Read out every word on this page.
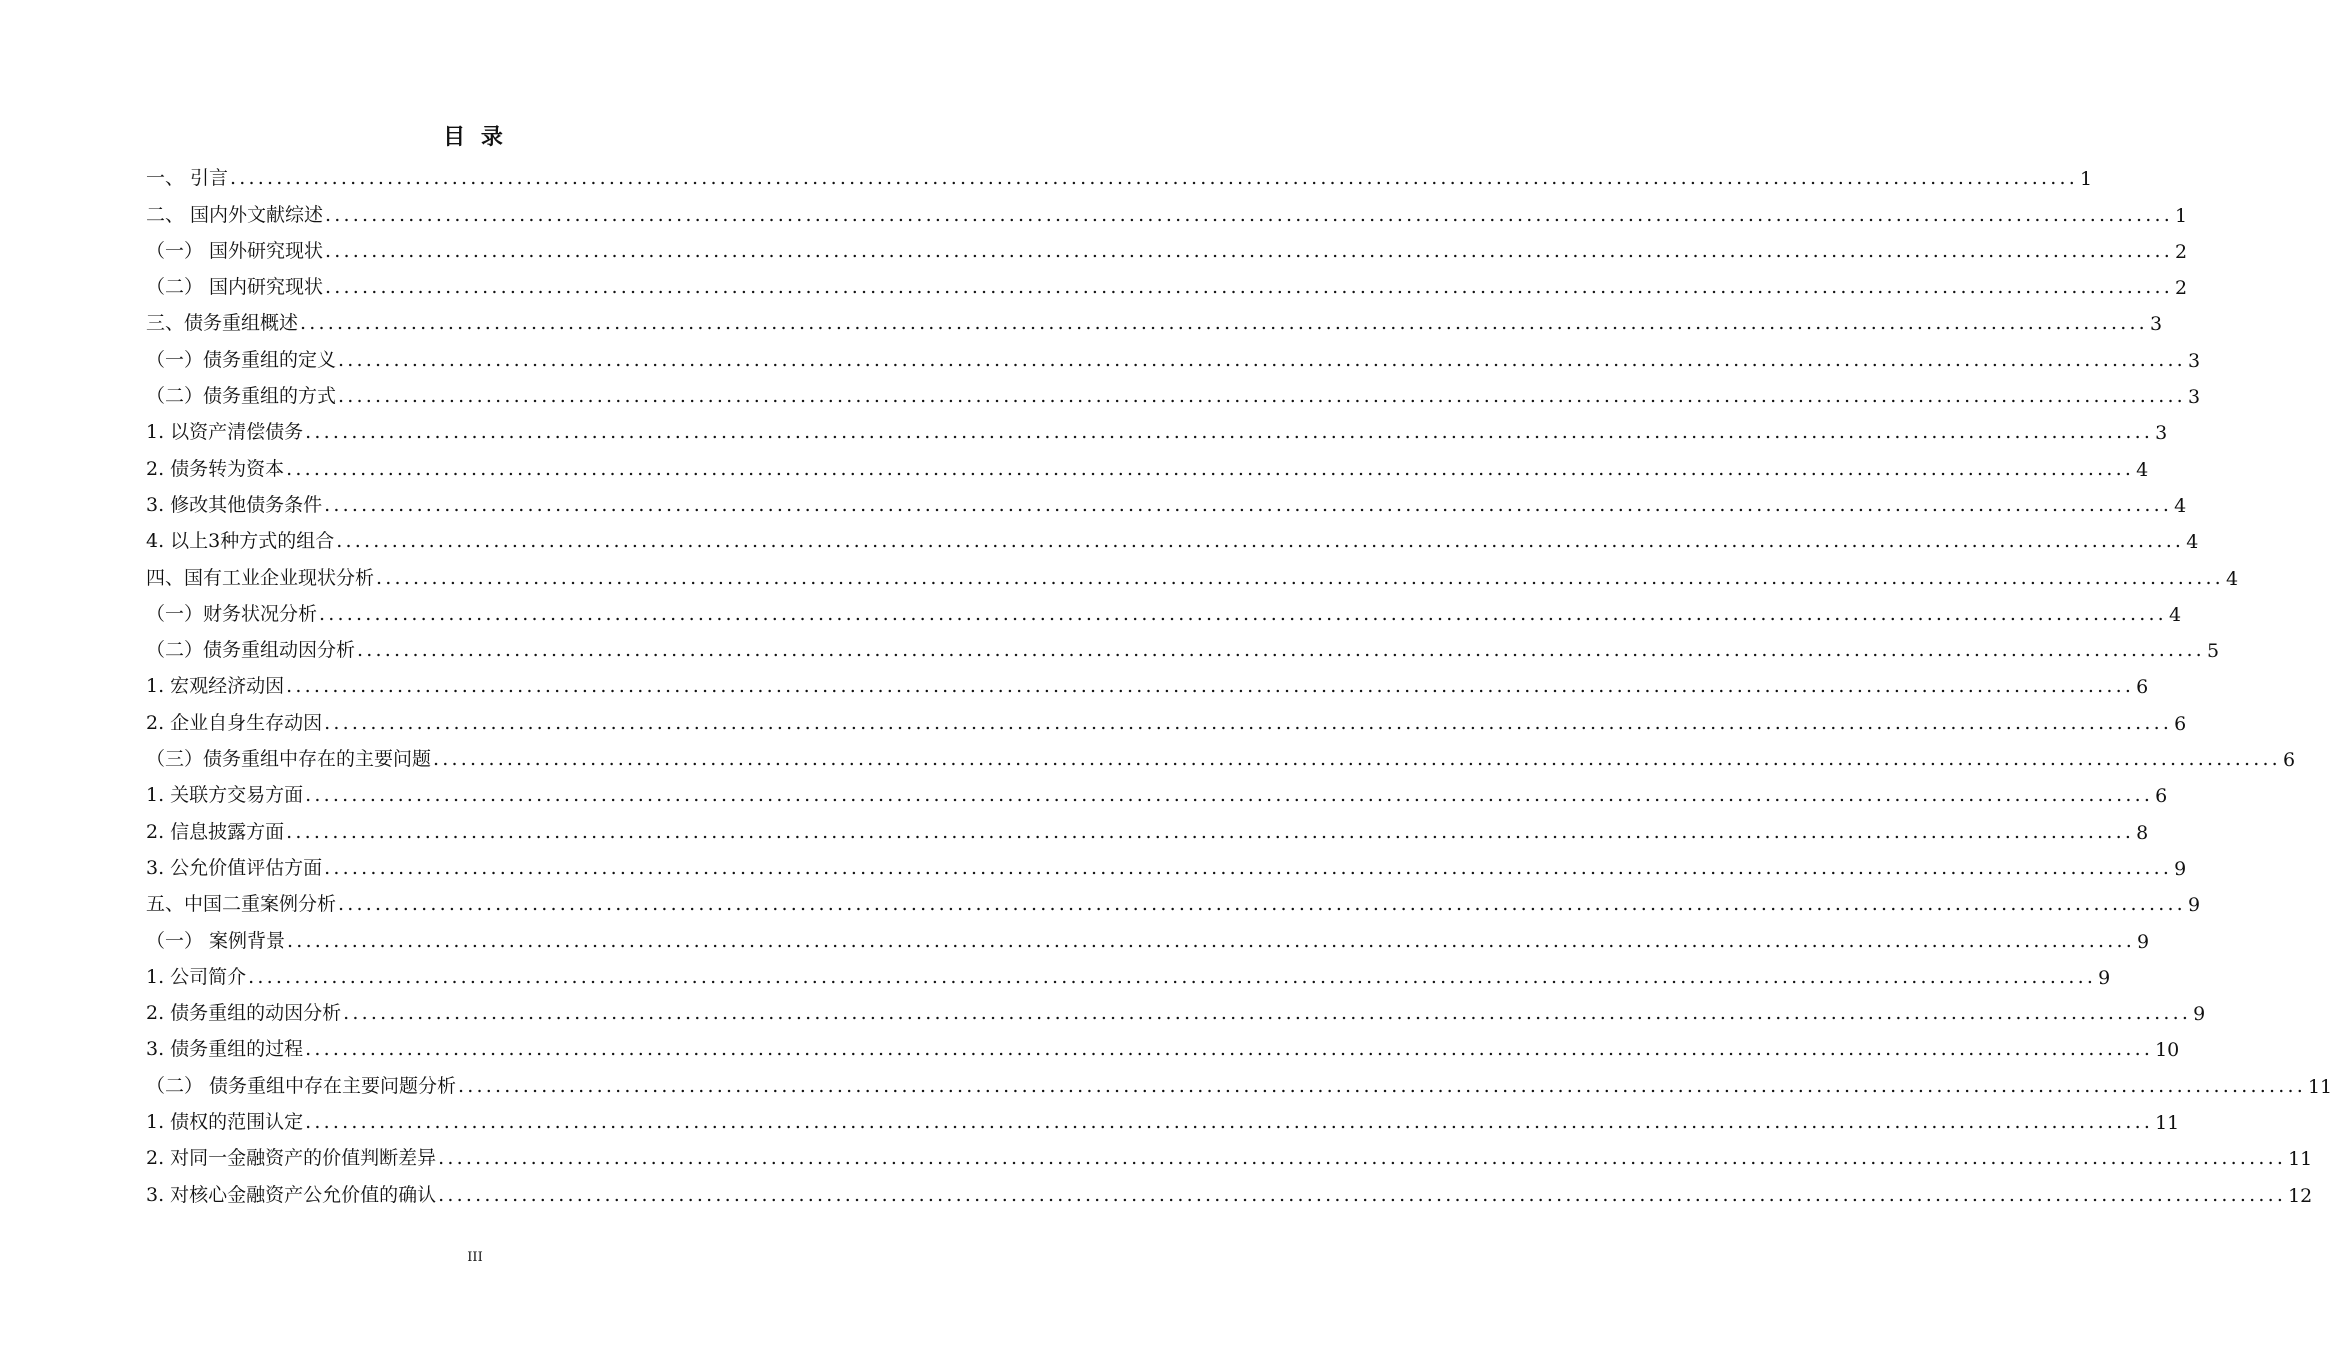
目 录
一、 引言 ........................................................................................................................................................................................................ 1
二、 国内外文献综述 ........................................................................................................................................................................................................ 1
（一） 国外研究现状 ........................................................................................................................................................................................................ 2
（二） 国内研究现状 ........................................................................................................................................................................................................ 2
三、债务重组概述 ........................................................................................................................................................................................................ 3
（一）债务重组的定义 ........................................................................................................................................................................................................ 3
（二）债务重组的方式 ........................................................................................................................................................................................................ 3
1. 以资产清偿债务 ........................................................................................................................................................................................................ 3
2. 债务转为资本 ........................................................................................................................................................................................................ 4
3. 修改其他债务条件 ........................................................................................................................................................................................................ 4
4. 以上3种方式的组合 ........................................................................................................................................................................................................ 4
四、国有工业企业现状分析 ........................................................................................................................................................................................................ 4
（一）财务状况分析 ........................................................................................................................................................................................................ 4
（二）债务重组动因分析 ........................................................................................................................................................................................................ 5
1. 宏观经济动因 ........................................................................................................................................................................................................ 6
2. 企业自身生存动因 ........................................................................................................................................................................................................ 6
（三）债务重组中存在的主要问题 ........................................................................................................................................................................................................ 6
1. 关联方交易方面 ........................................................................................................................................................................................................ 6
2. 信息披露方面 ........................................................................................................................................................................................................ 8
3. 公允价值评估方面 ........................................................................................................................................................................................................ 9
五、中国二重案例分析 ........................................................................................................................................................................................................ 9
（一） 案例背景 ........................................................................................................................................................................................................ 9
1. 公司简介 ........................................................................................................................................................................................................ 9
2. 债务重组的动因分析 ........................................................................................................................................................................................................ 9
3. 债务重组的过程 ........................................................................................................................................................................................................ 10
（二） 债务重组中存在主要问题分析 ........................................................................................................................................................................................................ 11
1. 债权的范围认定 ........................................................................................................................................................................................................ 11
2. 对同一金融资产的价值判断差异 ........................................................................................................................................................................................................ 11
3. 对核心金融资产公允价值的确认 ........................................................................................................................................................................................................ 12
III
